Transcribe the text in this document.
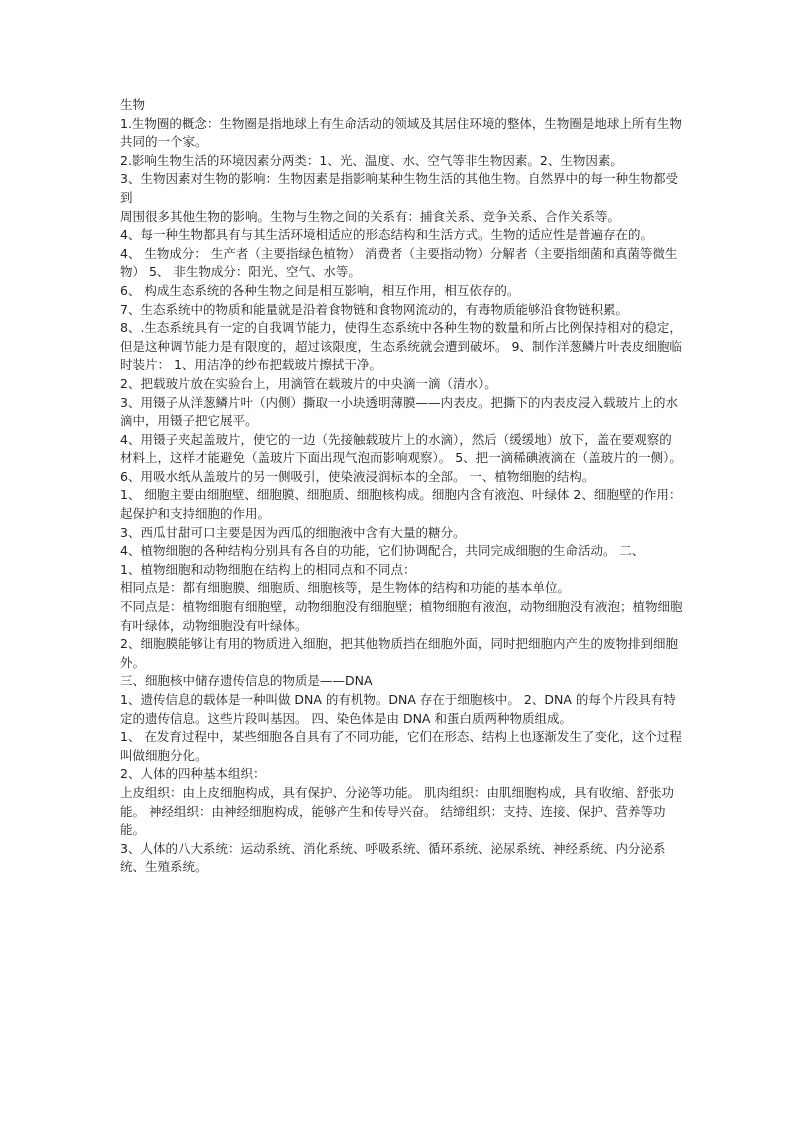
生物

1.生物圈的概念：生物圈是指地球上有生命活动的领域及其居住环境的整体，生物圈是地球上所有生物共同的一个家。

2.影响生物生活的环境因素分两类：1、光、温度、水、空气等非生物因素。2、生物因素。

3、生物因素对生物的影响：生物因素是指影响某种生物生活的其他生物。自然界中的每一种生物都受到

周围很多其他生物的影响。生物与生物之间的关系有：捕食关系、竞争关系、合作关系等。

4、每一种生物都具有与其生活环境相适应的形态结构和生活方式。生物的适应性是普遍存在的。

4、 生物成分： 生产者（主要指绿色植物） 消费者（主要指动物）分解者（主要指细菌和真菌等微生物） 5、 非生物成分：阳光、空气、水等。

6、 构成生态系统的各种生物之间是相互影响，相互作用，相互依存的。

7、生态系统中的物质和能量就是沿着食物链和食物网流动的，有毒物质能够沿食物链积累。

8、.生态系统具有一定的自我调节能力，使得生态系统中各种生物的数量和所占比例保持相对的稳定，但是这种调节能力是有限度的，超过该限度，生态系统就会遭到破坏。 9、制作洋葱鳞片叶表皮细胞临时装片： 1、用洁净的纱布把载玻片擦拭干净。

2、把载玻片放在实验台上，用滴管在载玻片的中央滴一滴（清水）。

3、用镊子从洋葱鳞片叶（内侧）撕取一小块透明薄膜——内表皮。把撕下的内表皮浸入载玻片上的水滴中，用镊子把它展平。

4、用镊子夹起盖玻片，使它的一边（先接触载玻片上的水滴），然后（缓缓地）放下，盖在要观察的材料上，这样才能避免（盖玻片下面出现气泡而影响观察）。 5、把一滴稀碘液滴在（盖玻片的一侧）。

6、用吸水纸从盖玻片的另一侧吸引，使染液浸润标本的全部。 一、植物细胞的结构。

1、 细胞主要由细胞壁、细胞膜、细胞质、细胞核构成。细胞内含有液泡、叶绿体 2、细胞壁的作用：起保护和支持细胞的作用。

3、西瓜甘甜可口主要是因为西瓜的细胞液中含有大量的糖分。

4、植物细胞的各种结构分别具有各自的功能，它们协调配合，共同完成细胞的生命活动。 二、

1、植物细胞和动物细胞在结构上的相同点和不同点：

相同点是：都有细胞膜、细胞质、细胞核等，是生物体的结构和功能的基本单位。

不同点是：植物细胞有细胞壁，动物细胞没有细胞壁；植物细胞有液泡，动物细胞没有液泡；植物细胞有叶绿体，动物细胞没有叶绿体。

2、细胞膜能够让有用的物质进入细胞，把其他物质挡在细胞外面，同时把细胞内产生的废物排到细胞外。

三、细胞核中储存遗传信息的物质是——DNA

1、遗传信息的载体是一种叫做 DNA 的有机物。DNA 存在于细胞核中。 2、DNA 的每个片段具有特定的遗传信息。这些片段叫基因。 四、染色体是由 DNA 和蛋白质两种物质组成。

1、 在发育过程中，某些细胞各自具有了不同功能，它们在形态、结构上也逐渐发生了变化，这个过程叫做细胞分化。

2、人体的四种基本组织：

上皮组织：由上皮细胞构成，具有保护、分泌等功能。 肌肉组织：由肌细胞构成，具有收缩、舒张功能。 神经组织：由神经细胞构成，能够产生和传导兴奋。 结缔组织：支持、连接、保护、营养等功能。

3、人体的八大系统：运动系统、消化系统、呼吸系统、循环系统、泌尿系统、神经系统、内分泌系统、生殖系统。
